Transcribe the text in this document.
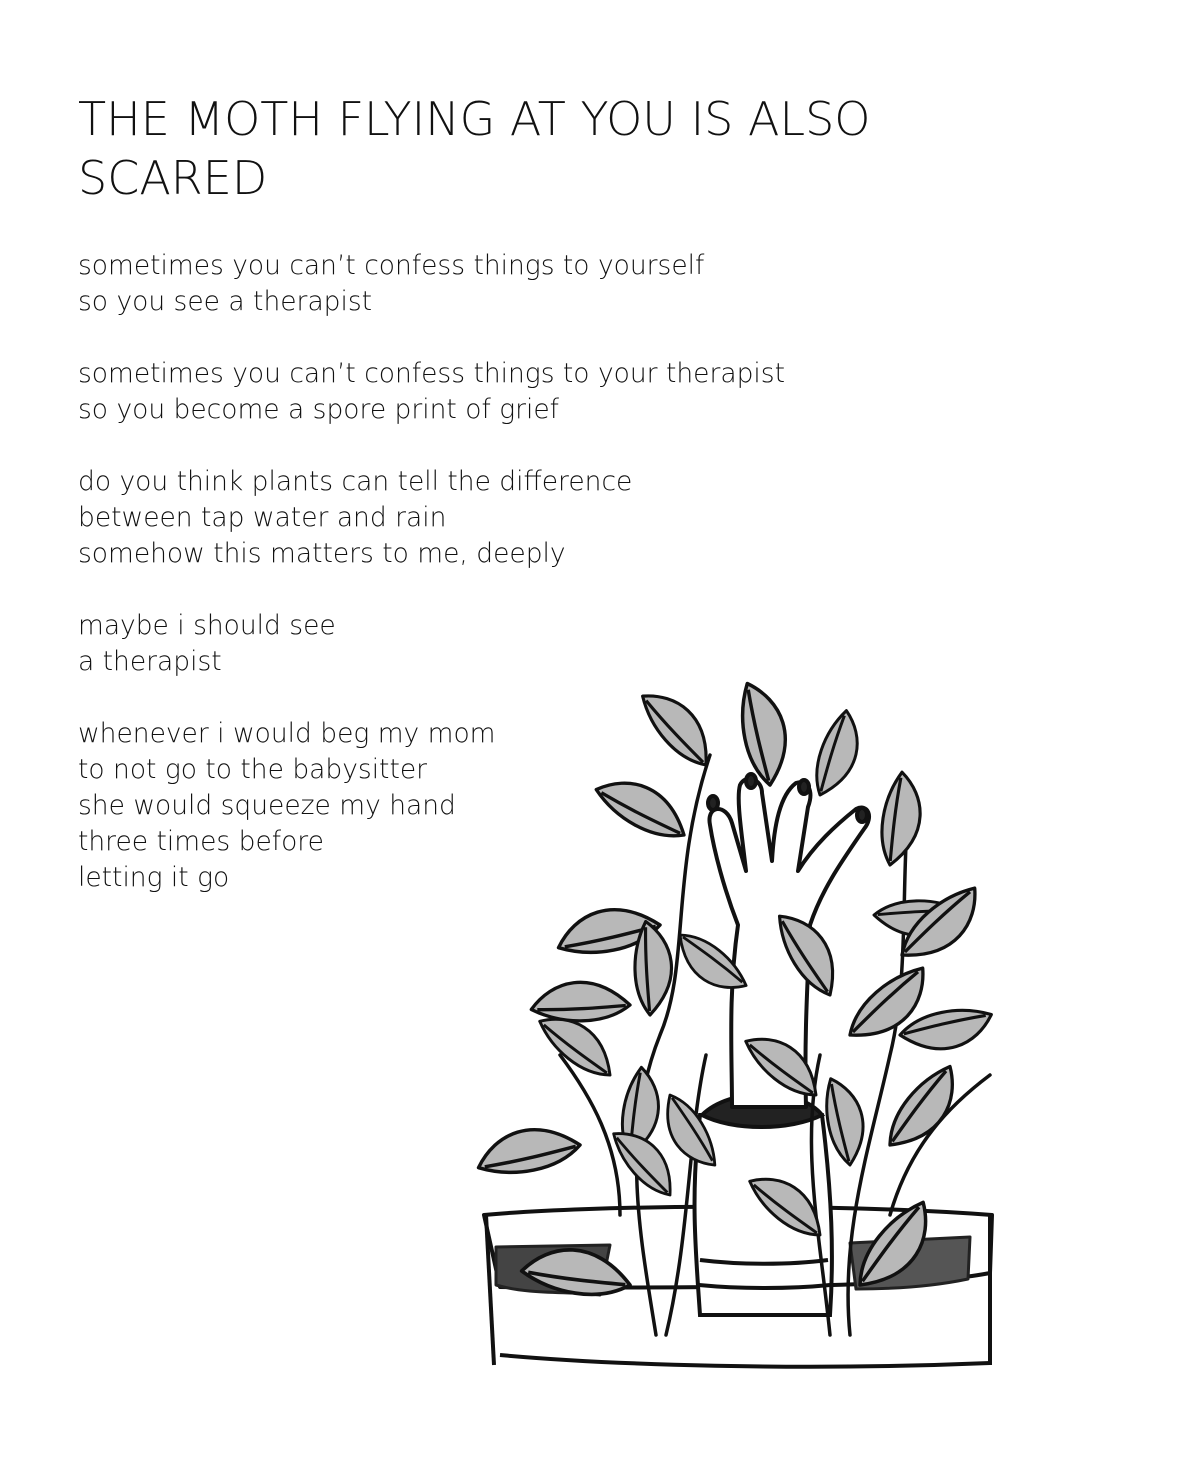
THE MOTH FLYING AT YOU IS ALSO
SCARED
sometimes you can’t confess things to yourself
so you see a therapist
sometimes you can’t confess things to your therapist
so you become a spore print of grief
do you think plants can tell the difference
between tap water and rain
somehow this matters to me, deeply
maybe i should see
a therapist
whenever i would beg my mom
to not go to the babysitter
she would squeeze my hand
three times before
letting it go
